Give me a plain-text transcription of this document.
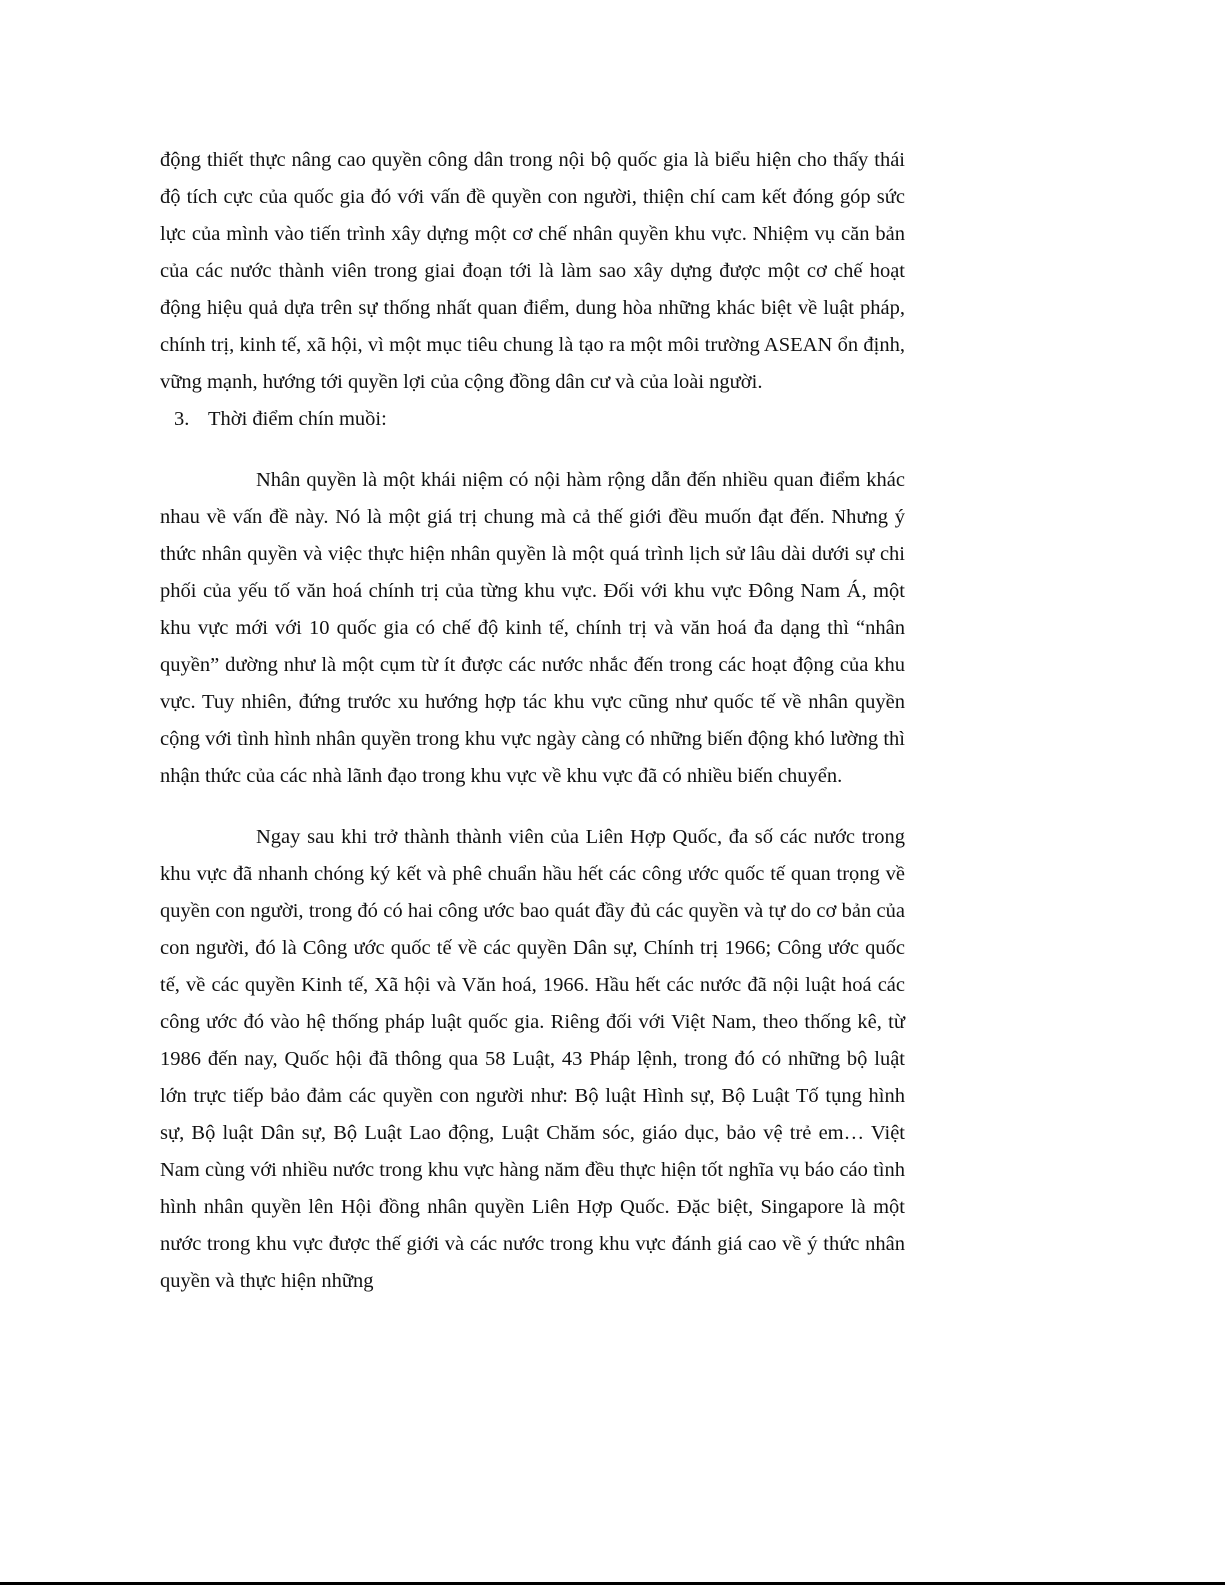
động thiết thực nâng cao quyền công dân trong nội bộ quốc gia là biểu hiện cho thấy thái độ tích cực của quốc gia đó với vấn đề quyền con người, thiện chí cam kết đóng góp sức lực của mình vào tiến trình xây dựng một cơ chế nhân quyền khu vực. Nhiệm vụ căn bản của các nước thành viên trong giai đoạn tới là làm sao xây dựng được một cơ chế hoạt động hiệu quả dựa trên sự thống nhất quan điểm, dung hòa những khác biệt về luật pháp, chính trị, kinh tế, xã hội, vì một mục tiêu chung là tạo ra một môi trường ASEAN ổn định, vững mạnh, hướng tới quyền lợi của cộng đồng dân cư và của loài người.

3. Thời điểm chín muồi:

Nhân quyền là một khái niệm có nội hàm rộng dẫn đến nhiều quan điểm khác nhau về vấn đề này. Nó là một giá trị chung mà cả thế giới đều muốn đạt đến. Nhưng ý thức nhân quyền và việc thực hiện nhân quyền là một quá trình lịch sử lâu dài dưới sự chi phối của yếu tố văn hoá chính trị của từng khu vực. Đối với khu vực Đông Nam Á, một khu vực mới với 10 quốc gia có chế độ kinh tế, chính trị và văn hoá đa dạng thì “nhân quyền” dường như là một cụm từ ít được các nước nhắc đến trong các hoạt động của khu vực. Tuy nhiên, đứng trước xu hướng hợp tác khu vực cũng như quốc tế về nhân quyền cộng với tình hình nhân quyền trong khu vực ngày càng có những biến động khó lường thì nhận thức của các nhà lãnh đạo trong khu vực về khu vực đã có nhiều biến chuyển.

Ngay sau khi trở thành thành viên của Liên Hợp Quốc, đa số các nước trong khu vực đã nhanh chóng ký kết và phê chuẩn hầu hết các công ước quốc tế quan trọng về quyền con người, trong đó có hai công ước bao quát đầy đủ các quyền và tự do cơ bản của con người, đó là Công ước quốc tế về các quyền Dân sự, Chính trị 1966; Công ước quốc tế, về các quyền Kinh tế, Xã hội và Văn hoá, 1966. Hầu hết các nước đã nội luật hoá các công ước đó vào hệ thống pháp luật quốc gia. Riêng đối với Việt Nam, theo thống kê, từ 1986 đến nay, Quốc hội đã thông qua 58 Luật, 43 Pháp lệnh, trong đó có những bộ luật lớn trực tiếp bảo đảm các quyền con người như: Bộ luật Hình sự, Bộ Luật Tố tụng hình sự, Bộ luật Dân sự, Bộ Luật Lao động, Luật Chăm sóc, giáo dục, bảo vệ trẻ em… Việt Nam cùng với nhiều nước trong khu vực hàng năm đều thực hiện tốt nghĩa vụ báo cáo tình hình nhân quyền lên Hội đồng nhân quyền Liên Hợp Quốc. Đặc biệt, Singapore là một nước trong khu vực được thế giới và các nước trong khu vực đánh giá cao về ý thức nhân quyền và thực hiện những
